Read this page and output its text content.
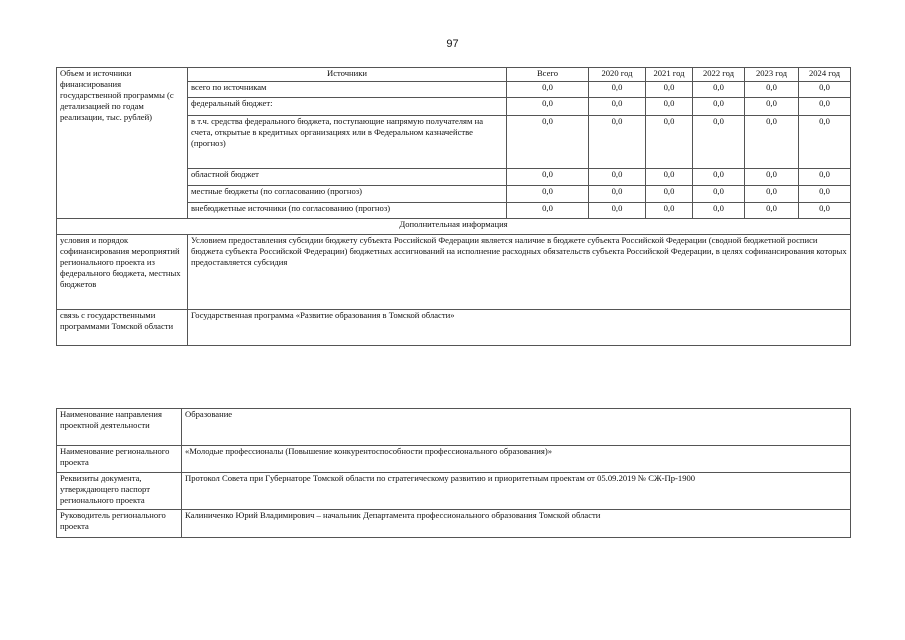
97
Объем и источники финансирования государственной программы (с детализацией по годам реализации, тыс. рублей)	Источники	Всего	2020 год	2021 год	2022 год	2023 год	2024 год
	всего по источникам	0,0	0,0	0,0	0,0	0,0	0,0
	федеральный бюджет:	0,0	0,0	0,0	0,0	0,0	0,0
	в т.ч. средства федерального бюджета, поступающие напрямую получателям на счета, открытые в кредитных организациях или в Федеральном казначействе (прогноз)	0,0	0,0	0,0	0,0	0,0	0,0
	областной бюджет	0,0	0,0	0,0	0,0	0,0	0,0
	местные бюджеты (по согласованию (прогноз)	0,0	0,0	0,0	0,0	0,0	0,0
	внебюджетные источники (по согласованию (прогноз)	0,0	0,0	0,0	0,0	0,0	0,0
Дополнительная информация							
условия и порядок софинансирования мероприятий регионального проекта из федерального бюджета, местных бюджетов	Условием предоставления субсидии бюджету субъекта Российской Федерации является наличие в бюджете субъекта Российской Федерации (сводной бюджетной росписи бюджета субъекта Российской Федерации) бюджетных ассигнований на исполнение расходных обязательств субъекта Российской Федерации, в целях софинансирования которых предоставляется субсидия						
связь с государственными программами Томской области	Государственная программа «Развитие образования в Томской области»						
Наименование направления проектной деятельности	Образование
Наименование регионального проекта	«Молодые профессионалы (Повышение конкурентоспособности профессионального образования)»
Реквизиты документа, утверждающего паспорт регионального проекта	Протокол Совета при Губернаторе Томской области по стратегическому развитию и приоритетным проектам от 05.09.2019 № СЖ-Пр-1900
Руководитель регионального проекта	Калиниченко Юрий Владимирович – начальник Департамента профессионального образования Томской области
